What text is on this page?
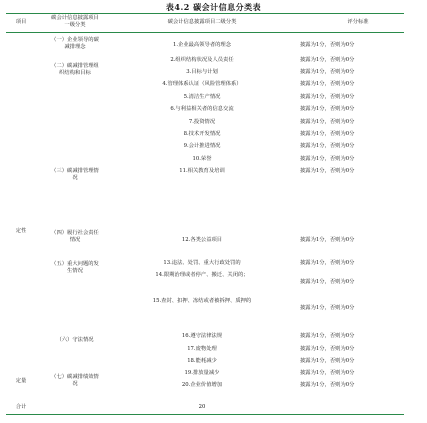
表4.2 碳会计信息分类表
项目
碳会计信息披露项目一级分类	碳会计信息披露项目二级分类	评分标准
定性
定量
合计
（一）企业领导的碳减排理念
（二）碳减排管理组织结构和目标
（三）碳减排管理情况
（四）履行社会责任情况
（五）重大问题的发生情况
（六）守法情况
（七）碳减排绩效情况
1.企业最高领导者的理念
2.组织结构状况及人员责任
3.目标与计划
4.管理体系认证（风险管理体系）
5.清洁生产情况
6.与利益相关者的信息交流
7.投资情况
8.技术开发情况
9.会计推进情况
10.荣誉
11.相关教育及培训
12.各类公益项目
13.违法、处罚、重大行政处罚的
14.限期治理或者停产、搬迁、关闭的；
15.查封、扣押、冻结或者被拆押、质押的
16.遵守法律法规
17.废物处理
18.能耗减少
19.排放量减少
20.企业价值增加
披露为1分，否则为0分
披露为1分，否则为0分
披露为1分，否则为0分
披露为1分，否则为0分
披露为1分，否则为0分
披露为1分，否则为0分
披露为1分，否则为0分
披露为1分，否则为0分
披露为1分，否则为0分
披露为1分，否则为0分
披露为1分，否则为0分
披露为1分，否则为0分
披露为1分，否则为0分
披露为1分，否则为0分
披露为1分，否则为0分
披露为1分，否则为0分
披露为1分，否则为0分
披露为1分，否则为0分
披露为1分，否则为0分
披露为1分，否则为0分
20
